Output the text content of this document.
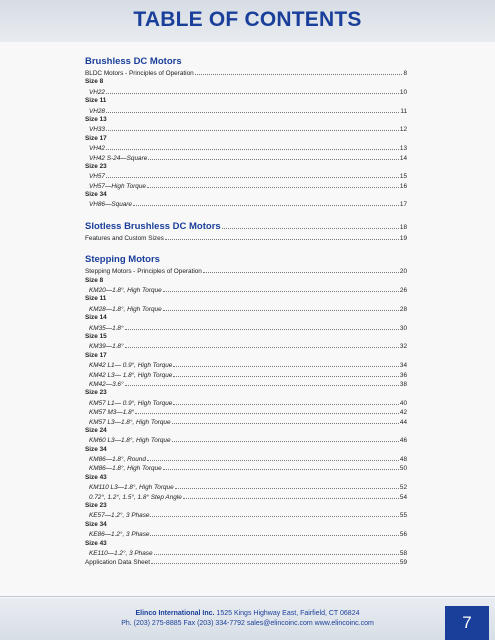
TABLE OF CONTENTS
Brushless DC Motors
BLDC Motors - Principles of Operation	8
Size 8
VH22	10
Size 11
VH28	11
Size 13
VH33	12
Size 17
VH42	13
VH42 S-24—Square	14
Size 23
VH57	15
VH57—High Torque	16
Size 34
VH86—Square	17
Slotless Brushless DC Motors	18
Features and Custom Sizes	19
Stepping Motors
Stepping Motors - Principles of Operation	20
Size 8
KM20—1.8°, High Torque	26
Size 11
KM28—1.8°, High Torque	28
Size 14
KM35—1.8°	30
Size 15
KM39—1.8°	32
Size 17
KM42 L1— 0.9°, High Torque	34
KM42 L3— 1.8°, High Torque	36
KM42—3.6°	38
Size 23
KM57 L1— 0.9°, High Torque	40
KM57 M3—1.8°	42
KM57 L3—1.8°, High Torque	44
Size 24
KM60 L3—1.8°, High Torque	46
Size 34
KM86—1.8°, Round	48
KM86—1.8°, High Torque	50
Size 43
KM110 L3—1.8°, High Torque	52
0.72°, 1.2°, 1.5°, 1.8° Step Angle	54
Size 23
KE57—1.2°, 3 Phase	55
Size 34
KE86—1.2°, 3 Phase	56
Size 43
KE110—1.2°, 3 Phase	58
Application Data Sheet	59
Elinco International Inc. 1525 Kings Highway East, Fairfield, CT 06824
Ph. (203) 275-8885 Fax (203) 334-7792 sales@elincoinc.com www.elincoinc.com	7
